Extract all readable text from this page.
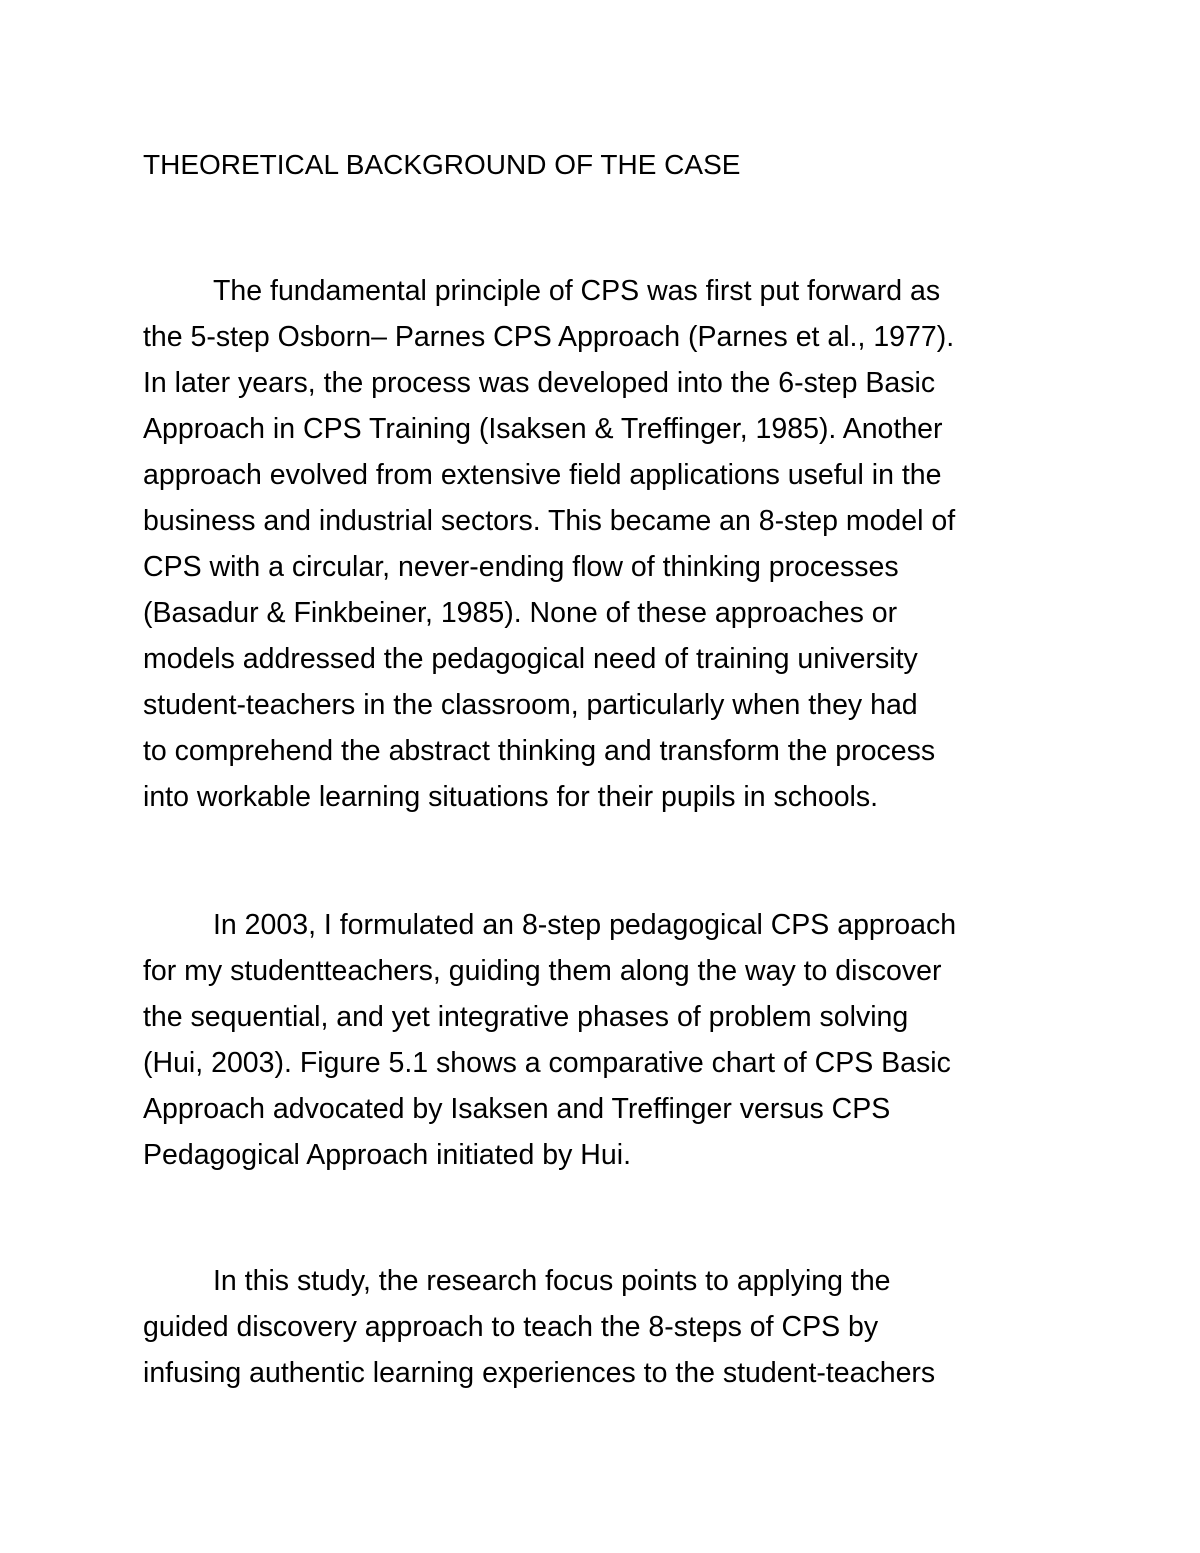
THEORETICAL BACKGROUND OF THE CASE

The fundamental principle of CPS was first put forward as
the 5-step Osborn– Parnes CPS Approach (Parnes et al., 1977).
In later years, the process was developed into the 6-step Basic
Approach in CPS Training (Isaksen & Treffinger, 1985). Another
approach evolved from extensive field applications useful in the
business and industrial sectors. This became an 8-step model of
CPS with a circular, never-ending flow of thinking processes
(Basadur & Finkbeiner, 1985). None of these approaches or
models addressed the pedagogical need of training university
student-teachers in the classroom, particularly when they had
to comprehend the abstract thinking and transform the process
into workable learning situations for their pupils in schools.

In 2003, I formulated an 8-step pedagogical CPS approach
for my studentteachers, guiding them along the way to discover
the sequential, and yet integrative phases of problem solving
(Hui, 2003). Figure 5.1 shows a comparative chart of CPS Basic
Approach advocated by Isaksen and Treffinger versus CPS
Pedagogical Approach initiated by Hui.

In this study, the research focus points to applying the
guided discovery approach to teach the 8-steps of CPS by
infusing authentic learning experiences to the student-teachers
